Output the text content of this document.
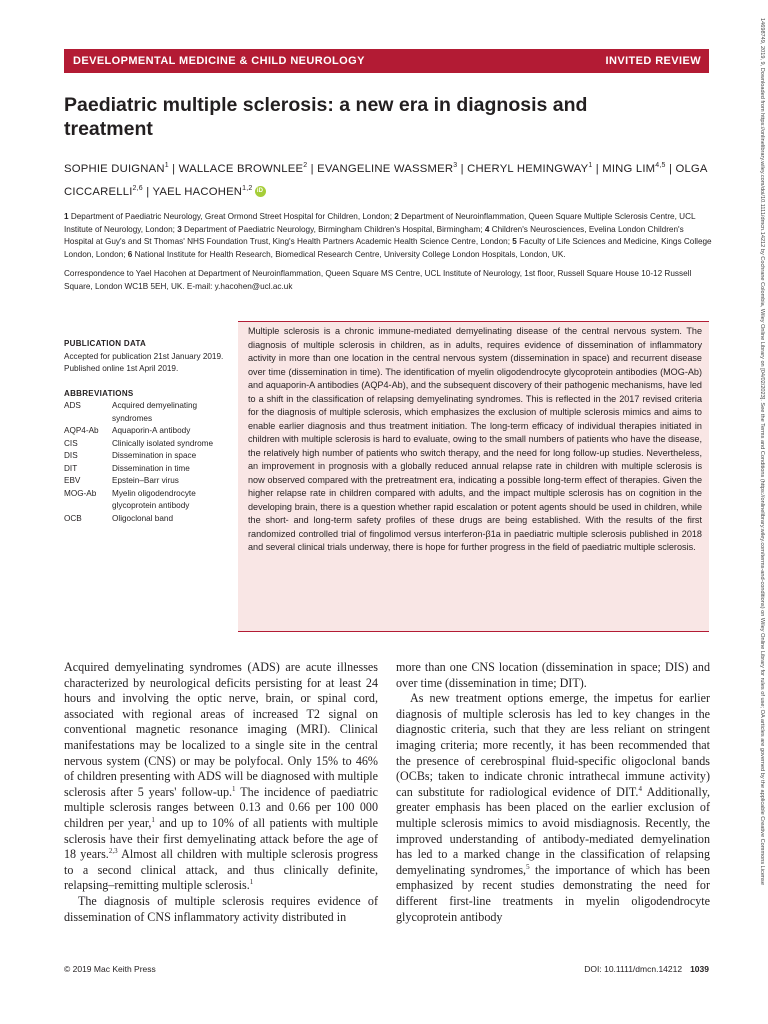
DEVELOPMENTAL MEDICINE & CHILD NEUROLOGY	INVITED REVIEW
Paediatric multiple sclerosis: a new era in diagnosis and treatment
SOPHIE DUIGNAN$^1$ | WALLACE BROWNLEE$^2$ | EVANGELINE WASSMER$^3$ | CHERYL HEMINGWAY$^1$ | MING LIM$^{4,5}$ | OLGA CICCARELLI$^{2,6}$ | YAEL HACOHEN$^{1,2}$ iD
1 Department of Paediatric Neurology, Great Ormond Street Hospital for Children, London; 2 Department of Neuroinflammation, Queen Square Multiple Sclerosis Centre, UCL Institute of Neurology, London; 3 Department of Paediatric Neurology, Birmingham Children's Hospital, Birmingham; 4 Children's Neurosciences, Evelina London Children's Hospital at Guy's and St Thomas' NHS Foundation Trust, King's Health Partners Academic Health Science Centre, London; 5 Faculty of Life Sciences and Medicine, Kings College London, London; 6 National Institute for Health Research, Biomedical Research Centre, University College London Hospitals, London, UK.
Correspondence to Yael Hacohen at Department of Neuroinflammation, Queen Square MS Centre, UCL Institute of Neurology, 1st floor, Russell Square House 10-12 Russell Square, London WC1B 5EH, UK. E-mail: y.hacohen@ucl.ac.uk
PUBLICATION DATA
Accepted for publication 21st January 2019.
Published online 1st April 2019.
ABBREVIATIONS
ADS	Acquired demyelinating syndromes
AQP4-Ab	Aquaporin-A antibody
CIS	Clinically isolated syndrome
DIS	Dissemination in space
DIT	Dissemination in time
EBV	Epstein–Barr virus
MOG-Ab	Myelin oligodendrocyte glycoprotein antibody
OCB	Oligoclonal band
Multiple sclerosis is a chronic immune-mediated demyelinating disease of the central nervous system. The diagnosis of multiple sclerosis in children, as in adults, requires evidence of dissemination of inflammatory activity in more than one location in the central nervous system (dissemination in space) and recurrent disease over time (dissemination in time). The identification of myelin oligodendrocyte glycoprotein antibodies (MOG-Ab) and aquaporin-A antibodies (AQP4-Ab), and the subsequent discovery of their pathogenic mechanisms, have led to a shift in the classification of relapsing demyelinating syndromes. This is reflected in the 2017 revised criteria for the diagnosis of multiple sclerosis, which emphasizes the exclusion of multiple sclerosis mimics and aims to enable earlier diagnosis and thus treatment initiation. The long-term efficacy of individual therapies initiated in children with multiple sclerosis is hard to evaluate, owing to the small numbers of patients who have the disease, the relatively high number of patients who switch therapy, and the need for long follow-up studies. Nevertheless, an improvement in prognosis with a globally reduced annual relapse rate in children with multiple sclerosis is now observed compared with the pretreatment era, indicating a possible long-term effect of therapies. Given the higher relapse rate in children compared with adults, and the impact multiple sclerosis has on cognition in the developing brain, there is a question whether rapid escalation or potent agents should be used in children, while the short- and long-term safety profiles of these drugs are being established. With the results of the first randomized controlled trial of fingolimod versus interferon-β1a in paediatric multiple sclerosis published in 2018 and several clinical trials underway, there is hope for further progress in the field of paediatric multiple sclerosis.

Acquired demyelinating syndromes (ADS) are acute illnesses characterized by neurological deficits persisting for at least 24 hours and involving the optic nerve, brain, or spinal cord, associated with regional areas of increased T2 signal on conventional magnetic resonance imaging (MRI). Clinical manifestations may be localized to a single site in the central nervous system (CNS) or may be polyfocal. Only 15% to 46% of children presenting with ADS will be diagnosed with multiple sclerosis after 5 years' follow-up.$^1$ The incidence of paediatric multiple sclerosis ranges between 0.13 and 0.66 per 100 000 children per year,$^1$ and up to 10% of all patients with multiple sclerosis have their first demyelinating attack before the age of 18 years.$^{2,3}$ Almost all children with multiple sclerosis progress to a second clinical attack, and thus clinically definite, relapsing–remitting multiple sclerosis.$^1$

The diagnosis of multiple sclerosis requires evidence of dissemination of CNS inflammatory activity distributed in

more than one CNS location (dissemination in space; DIS) and over time (dissemination in time; DIT).

As new treatment options emerge, the impetus for earlier diagnosis of multiple sclerosis has led to key changes in the diagnostic criteria, such that they are less reliant on stringent imaging criteria; more recently, it has been recommended that the presence of cerebrospinal fluid-specific oligoclonal bands (OCBs; taken to indicate chronic intrathecal immune activity) can substitute for radiological evidence of DIT.$^4$ Additionally, greater emphasis has been placed on the earlier exclusion of multiple sclerosis mimics to avoid misdiagnosis. Recently, the improved understanding of antibody-mediated demyelination has led to a marked change in the classification of relapsing demyelinating syndromes,$^5$ the importance of which has been emphasized by recent studies demonstrating the need for different first-line treatments in myelin oligodendrocyte glycoprotein antibody

© 2019 Mac Keith Press	DOI: 10.1111/dmcn.14212 1039
14698749, 2019, 9, Downloaded from https://onlinelibrary.wiley.com/doi/10.1111/dmcn.14212 by Cochrane Colombia, Wiley Online Library on [04/02/2023]. See the Terms and Conditions (https://onlinelibrary.wiley.com/terms-and-conditions) on Wiley Online Library for rules of use; OA articles are governed by the applicable Creative Commons License
